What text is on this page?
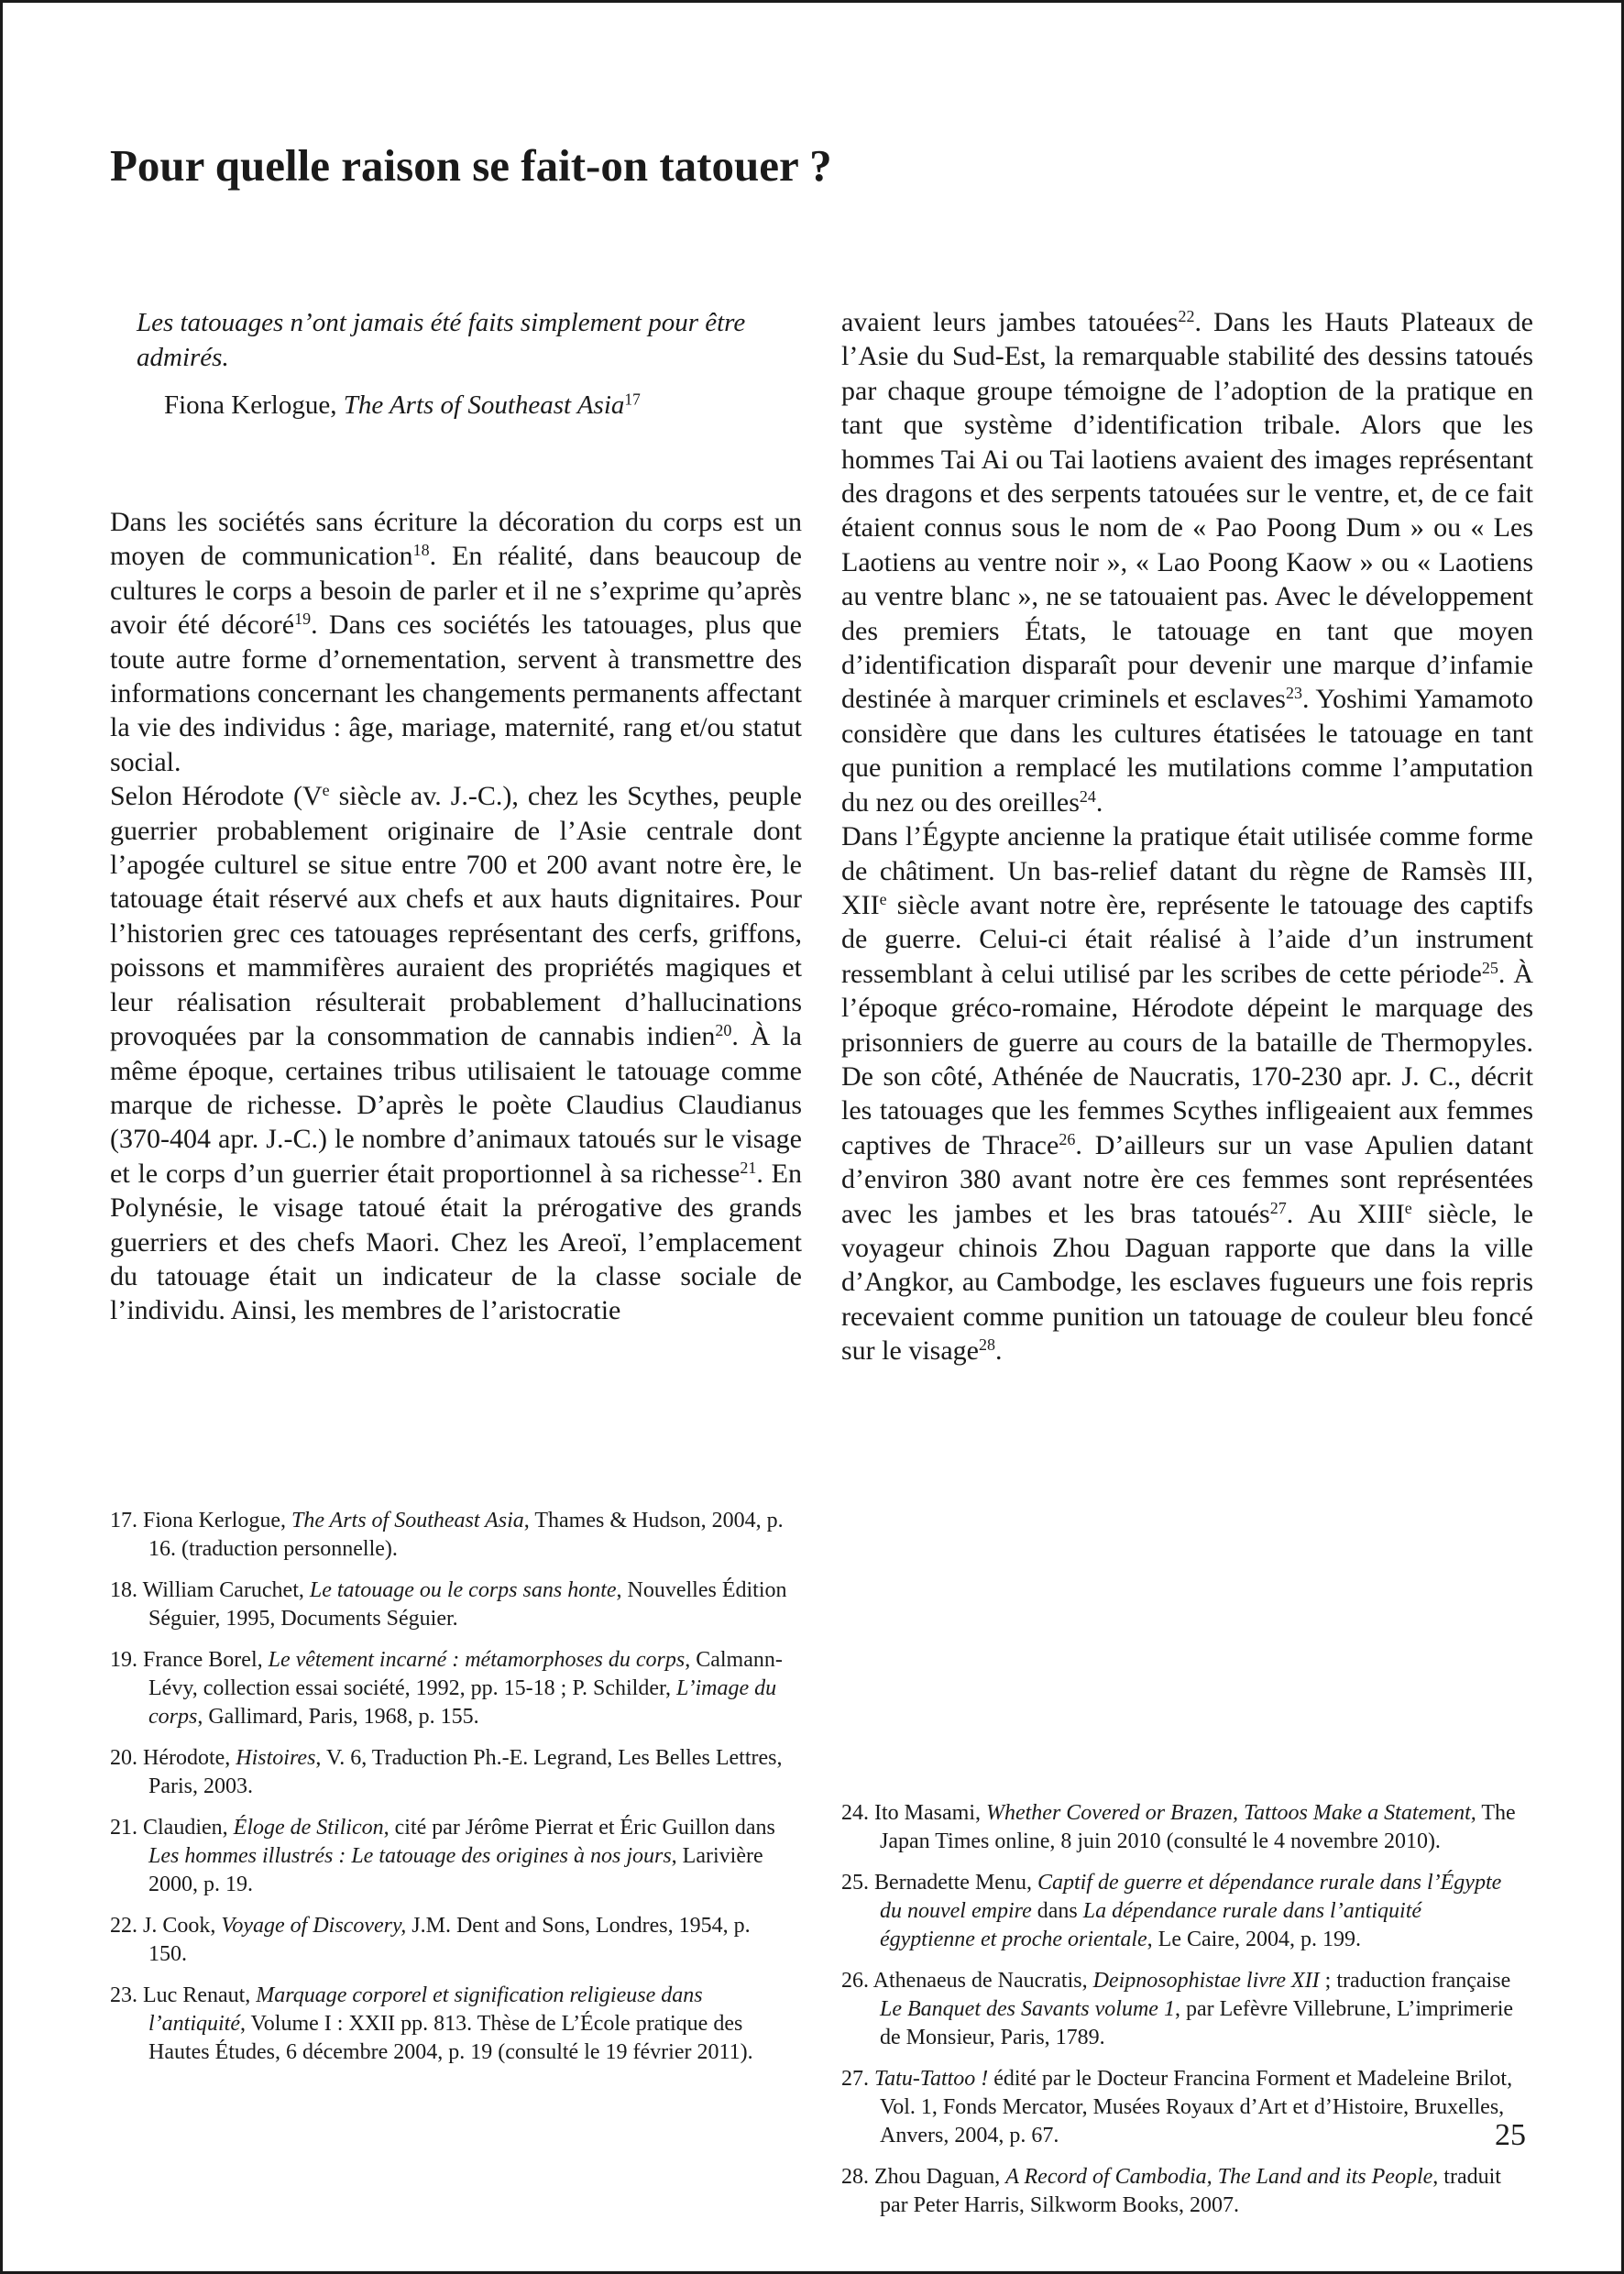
Pour quelle raison se fait-on tatouer ?

Les tatouages n’ont jamais été faits simplement pour être admirés.

Fiona Kerlogue, The Arts of Southeast Asia$^{17}$

Dans les sociétés sans écriture la décoration du corps est un moyen de communication$^{18}$. En réalité, dans beaucoup de cultures le corps a besoin de parler et il ne s’exprime qu’après avoir été décoré$^{19}$. Dans ces sociétés les tatouages, plus que toute autre forme d’ornementation, servent à transmettre des informations concernant les changements permanents affectant la vie des individus : âge, mariage, maternité, rang et/ou statut social.

Selon Hérodote (Ve siècle av. J.-C.), chez les Scythes, peuple guerrier probablement originaire de l’Asie centrale dont l’apogée culturel se situe entre 700 et 200 avant notre ère, le tatouage était réservé aux chefs et aux hauts dignitaires. Pour l’historien grec ces tatouages représentant des cerfs, griffons, poissons et mammifères auraient des propriétés magiques et leur réalisation résulterait probablement d’hallucinations provoquées par la consommation de cannabis indien$^{20}$. À la même époque, certaines tribus utilisaient le tatouage comme marque de richesse. D’après le poète Claudius Claudianus (370-404 apr. J.-C.) le nombre d’animaux tatoués sur le visage et le corps d’un guerrier était proportionnel à sa richesse$^{21}$. En Polynésie, le visage tatoué était la prérogative des grands guerriers et des chefs Maori. Chez les Areoï, l’emplacement du tatouage était un indicateur de la classe sociale de l’individu. Ainsi, les membres de l’aristocratie

avaient leurs jambes tatouées$^{22}$. Dans les Hauts Plateaux de l’Asie du Sud-Est, la remarquable stabilité des dessins tatoués par chaque groupe témoigne de l’adoption de la pratique en tant que système d’identification tribale. Alors que les hommes Tai Ai ou Tai laotiens avaient des images représentant des dragons et des serpents tatouées sur le ventre, et, de ce fait étaient connus sous le nom de « Pao Poong Dum » ou « Les Laotiens au ventre noir », « Lao Poong Kaow » ou « Laotiens au ventre blanc », ne se tatouaient pas. Avec le développement des premiers États, le tatouage en tant que moyen d’identification disparaît pour devenir une marque d’infamie destinée à marquer criminels et esclaves$^{23}$. Yoshimi Yamamoto considère que dans les cultures étatisées le tatouage en tant que punition a remplacé les mutilations comme l’amputation du nez ou des oreilles$^{24}$.

Dans l’Égypte ancienne la pratique était utilisée comme forme de châtiment. Un bas-relief datant du règne de Ramsès III, XIIe siècle avant notre ère, représente le tatouage des captifs de guerre. Celui-ci était réalisé à l’aide d’un instrument ressemblant à celui utilisé par les scribes de cette période$^{25}$. À l’époque gréco-romaine, Hérodote dépeint le marquage des prisonniers de guerre au cours de la bataille de Thermopyles. De son côté, Athénée de Naucratis, 170-230 apr. J. C., décrit les tatouages que les femmes Scythes infligeaient aux femmes captives de Thrace$^{26}$. D’ailleurs sur un vase Apulien datant d’environ 380 avant notre ère ces femmes sont représentées avec les jambes et les bras tatoués$^{27}$. Au XIIIe siècle, le voyageur chinois Zhou Daguan rapporte que dans la ville d’Angkor, au Cambodge, les esclaves fugueurs une fois repris recevaient comme punition un tatouage de couleur bleu foncé sur le visage$^{28}$.

17. Fiona Kerlogue, The Arts of Southeast Asia, Thames & Hudson, 2004, p. 16. (traduction personnelle).
18. William Caruchet, Le tatouage ou le corps sans honte, Nouvelles Édition Séguier, 1995, Documents Séguier.
19. France Borel, Le vêtement incarné : métamorphoses du corps, Calmann-Lévy, collection essai société, 1992, pp. 15-18 ; P. Schilder, L’image du corps, Gallimard, Paris, 1968, p. 155.
20. Hérodote, Histoires, V. 6, Traduction Ph.-E. Legrand, Les Belles Lettres, Paris, 2003.
21. Claudien, Éloge de Stilicon, cité par Jérôme Pierrat et Éric Guillon dans Les hommes illustrés : Le tatouage des origines à nos jours, Larivière 2000, p. 19.
22. J. Cook, Voyage of Discovery, J.M. Dent and Sons, Londres, 1954, p. 150.
23. Luc Renaut, Marquage corporel et signification religieuse dans l’antiquité, Volume I : XXII pp. 813. Thèse de L’École pratique des Hautes Études, 6 décembre 2004, p. 19 (consulté le 19 février 2011).
24. Ito Masami, Whether Covered or Brazen, Tattoos Make a Statement, The Japan Times online, 8 juin 2010 (consulté le 4 novembre 2010).
25. Bernadette Menu, Captif de guerre et dépendance rurale dans l’Égypte du nouvel empire dans La dépendance rurale dans l’antiquité égyptienne et proche orientale, Le Caire, 2004, p. 199.
26. Athenaeus de Naucratis, Deipnosophistae livre XII ; traduction française Le Banquet des Savants volume 1, par Lefèvre Villebrune, L’imprimerie de Monsieur, Paris, 1789.
27. Tatu-Tattoo ! édité par le Docteur Francina Forment et Madeleine Brilot, Vol. 1, Fonds Mercator, Musées Royaux d’Art et d’Histoire, Bruxelles, Anvers, 2004, p. 67.
28. Zhou Daguan, A Record of Cambodia, The Land and its People, traduit par Peter Harris, Silkworm Books, 2007.
25
